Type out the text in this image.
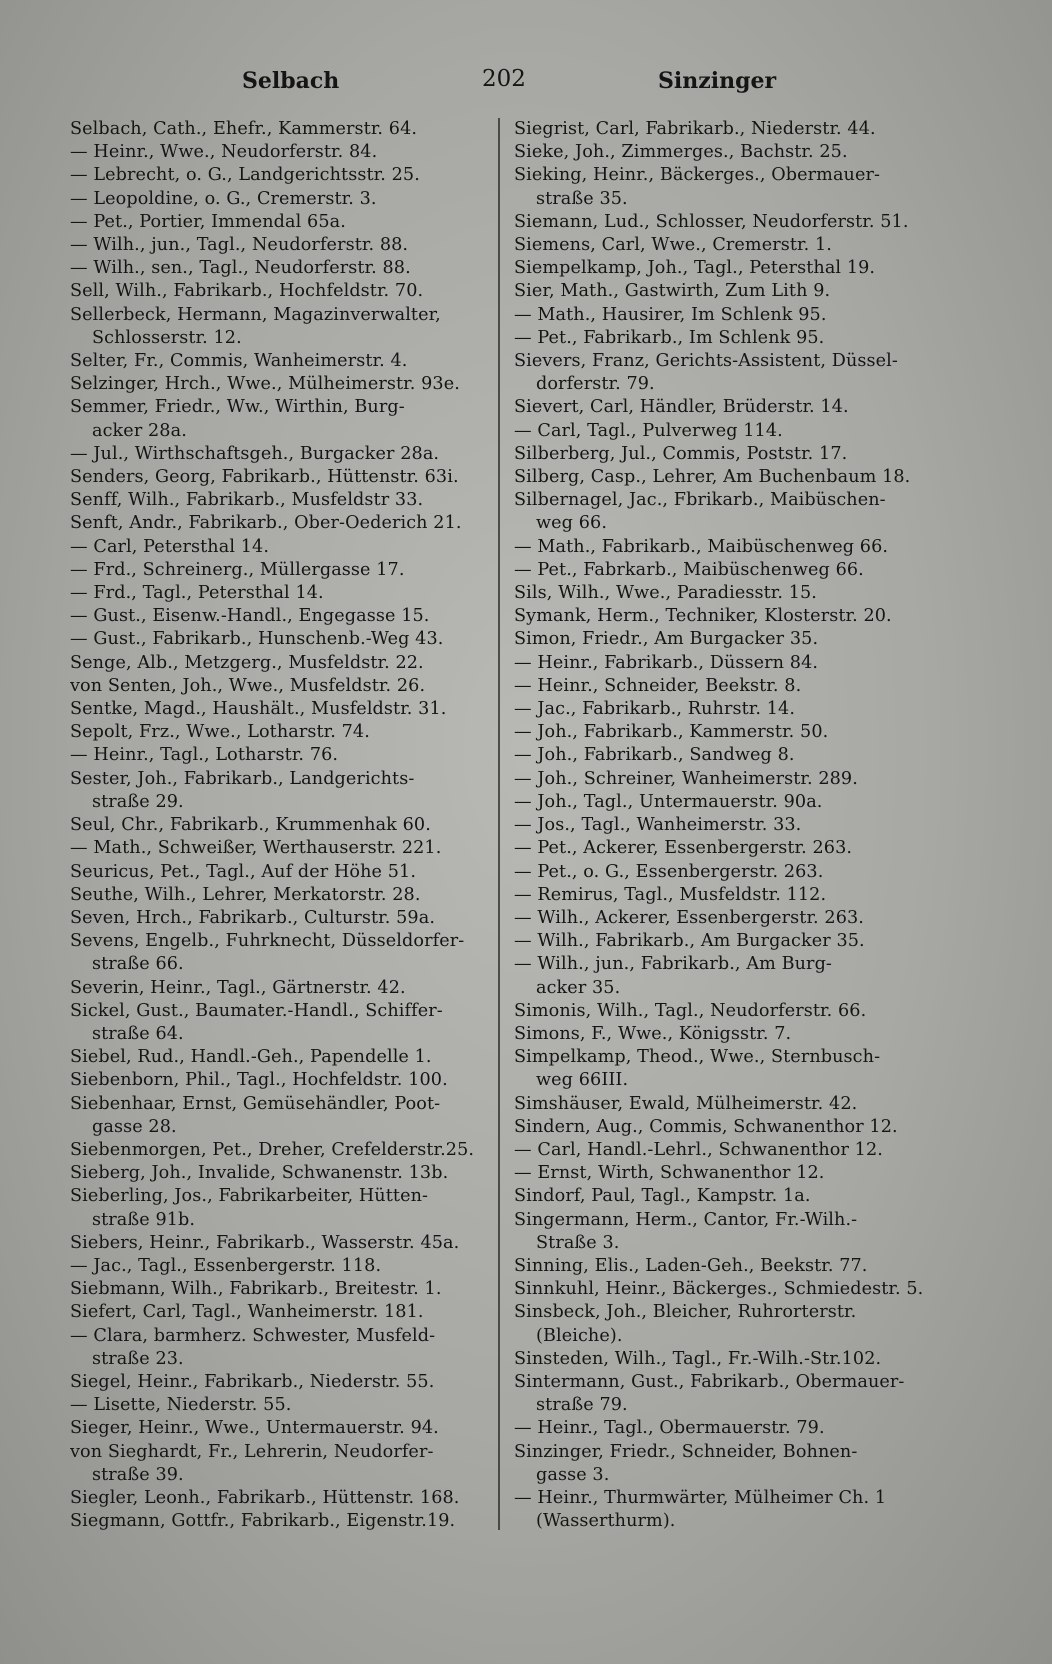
Selbach	202	Sinzinger
Selbach, Cath., Ehefr., Kammerstr. 64.
— Heinr., Wwe., Neudorferstr. 84.
— Lebrecht, o. G., Landgerichtsstr. 25.
— Leopoldine, o. G., Cremerstr. 3.
— Pet., Portier, Immendal 65a.
— Wilh., jun., Tagl., Neudorferstr. 88.
— Wilh., sen., Tagl., Neudorferstr. 88.
Sell, Wilh., Fabrikarb., Hochfeldstr. 70.
Sellerbeck, Hermann, Magazinverwalter,
Schlosserstr. 12.
Selter, Fr., Commis, Wanheimerstr. 4.
Selzinger, Hrch., Wwe., Mülheimerstr. 93e.
Semmer, Friedr., Ww., Wirthin, Burg-
acker 28a.
— Jul., Wirthschaftsgeh., Burgacker 28a.
Senders, Georg, Fabrikarb., Hüttenstr. 63i.
Senff, Wilh., Fabrikarb., Musfeldstr 33.
Senft, Andr., Fabrikarb., Ober-Oederich 21.
— Carl, Petersthal 14.
— Frd., Schreinerg., Müllergasse 17.
— Frd., Tagl., Petersthal 14.
— Gust., Eisenw.-Handl., Engegasse 15.
— Gust., Fabrikarb., Hunschenb.-Weg 43.
Senge, Alb., Metzgerg., Musfeldstr. 22.
von Senten, Joh., Wwe., Musfeldstr. 26.
Sentke, Magd., Haushält., Musfeldstr. 31.
Sepolt, Frz., Wwe., Lotharstr. 74.
— Heinr., Tagl., Lotharstr. 76.
Sester, Joh., Fabrikarb., Landgerichts-
straße 29.
Seul, Chr., Fabrikarb., Krummenhak 60.
— Math., Schweißer, Werthauserstr. 221.
Seuricus, Pet., Tagl., Auf der Höhe 51.
Seuthe, Wilh., Lehrer, Merkatorstr. 28.
Seven, Hrch., Fabrikarb., Culturstr. 59a.
Sevens, Engelb., Fuhrknecht, Düsseldorfer-
straße 66.
Severin, Heinr., Tagl., Gärtnerstr. 42.
Sickel, Gust., Baumater.-Handl., Schiffer-
straße 64.
Siebel, Rud., Handl.-Geh., Papendelle 1.
Siebenborn, Phil., Tagl., Hochfeldstr. 100.
Siebenhaar, Ernst, Gemüsehändler, Poot-
gasse 28.
Siebenmorgen, Pet., Dreher, Crefelderstr.25.
Sieberg, Joh., Invalide, Schwanenstr. 13b.
Sieberling, Jos., Fabrikarbeiter, Hütten-
straße 91b.
Siebers, Heinr., Fabrikarb., Wasserstr. 45a.
— Jac., Tagl., Essenbergerstr. 118.
Siebmann, Wilh., Fabrikarb., Breitestr. 1.
Siefert, Carl, Tagl., Wanheimerstr. 181.
— Clara, barmherz. Schwester, Musfeld-
straße 23.
Siegel, Heinr., Fabrikarb., Niederstr. 55.
— Lisette, Niederstr. 55.
Sieger, Heinr., Wwe., Untermauerstr. 94.
von Sieghardt, Fr., Lehrerin, Neudorfer-
straße 39.
Siegler, Leonh., Fabrikarb., Hüttenstr. 168.
Siegmann, Gottfr., Fabrikarb., Eigenstr.19.
Siegrist, Carl, Fabrikarb., Niederstr. 44.
Sieke, Joh., Zimmerges., Bachstr. 25.
Sieking, Heinr., Bäckerges., Obermauer-
straße 35.
Siemann, Lud., Schlosser, Neudorferstr. 51.
Siemens, Carl, Wwe., Cremerstr. 1.
Siempelkamp, Joh., Tagl., Petersthal 19.
Sier, Math., Gastwirth, Zum Lith 9.
— Math., Hausirer, Im Schlenk 95.
— Pet., Fabrikarb., Im Schlenk 95.
Sievers, Franz, Gerichts-Assistent, Düssel-
dorferstr. 79.
Sievert, Carl, Händler, Brüderstr. 14.
— Carl, Tagl., Pulverweg 114.
Silberberg, Jul., Commis, Poststr. 17.
Silberg, Casp., Lehrer, Am Buchenbaum 18.
Silbernagel, Jac., Fbrikarb., Maibüschen-
weg 66.
— Math., Fabrikarb., Maibüschenweg 66.
— Pet., Fabrkarb., Maibüschenweg 66.
Sils, Wilh., Wwe., Paradiesstr. 15.
Symank, Herm., Techniker, Klosterstr. 20.
Simon, Friedr., Am Burgacker 35.
— Heinr., Fabrikarb., Düssern 84.
— Heinr., Schneider, Beekstr. 8.
— Jac., Fabrikarb., Ruhrstr. 14.
— Joh., Fabrikarb., Kammerstr. 50.
— Joh., Fabrikarb., Sandweg 8.
— Joh., Schreiner, Wanheimerstr. 289.
— Joh., Tagl., Untermauerstr. 90a.
— Jos., Tagl., Wanheimerstr. 33.
— Pet., Ackerer, Essenbergerstr. 263.
— Pet., o. G., Essenbergerstr. 263.
— Remirus, Tagl., Musfeldstr. 112.
— Wilh., Ackerer, Essenbergerstr. 263.
— Wilh., Fabrikarb., Am Burgacker 35.
— Wilh., jun., Fabrikarb., Am Burg-
acker 35.
Simonis, Wilh., Tagl., Neudorferstr. 66.
Simons, F., Wwe., Königsstr. 7.
Simpelkamp, Theod., Wwe., Sternbusch-
weg 66III.
Simshäuser, Ewald, Mülheimerstr. 42.
Sindern, Aug., Commis, Schwanenthor 12.
— Carl, Handl.-Lehrl., Schwanenthor 12.
— Ernst, Wirth, Schwanenthor 12.
Sindorf, Paul, Tagl., Kampstr. 1a.
Singermann, Herm., Cantor, Fr.-Wilh.-
Straße 3.
Sinning, Elis., Laden-Geh., Beekstr. 77.
Sinnkuhl, Heinr., Bäckerges., Schmiedestr. 5.
Sinsbeck, Joh., Bleicher, Ruhrorterstr.
(Bleiche).
Sinsteden, Wilh., Tagl., Fr.-Wilh.-Str.102.
Sintermann, Gust., Fabrikarb., Obermauer-
straße 79.
— Heinr., Tagl., Obermauerstr. 79.
Sinzinger, Friedr., Schneider, Bohnen-
gasse 3.
— Heinr., Thurmwärter, Mülheimer Ch. 1
(Wasserthurm).
